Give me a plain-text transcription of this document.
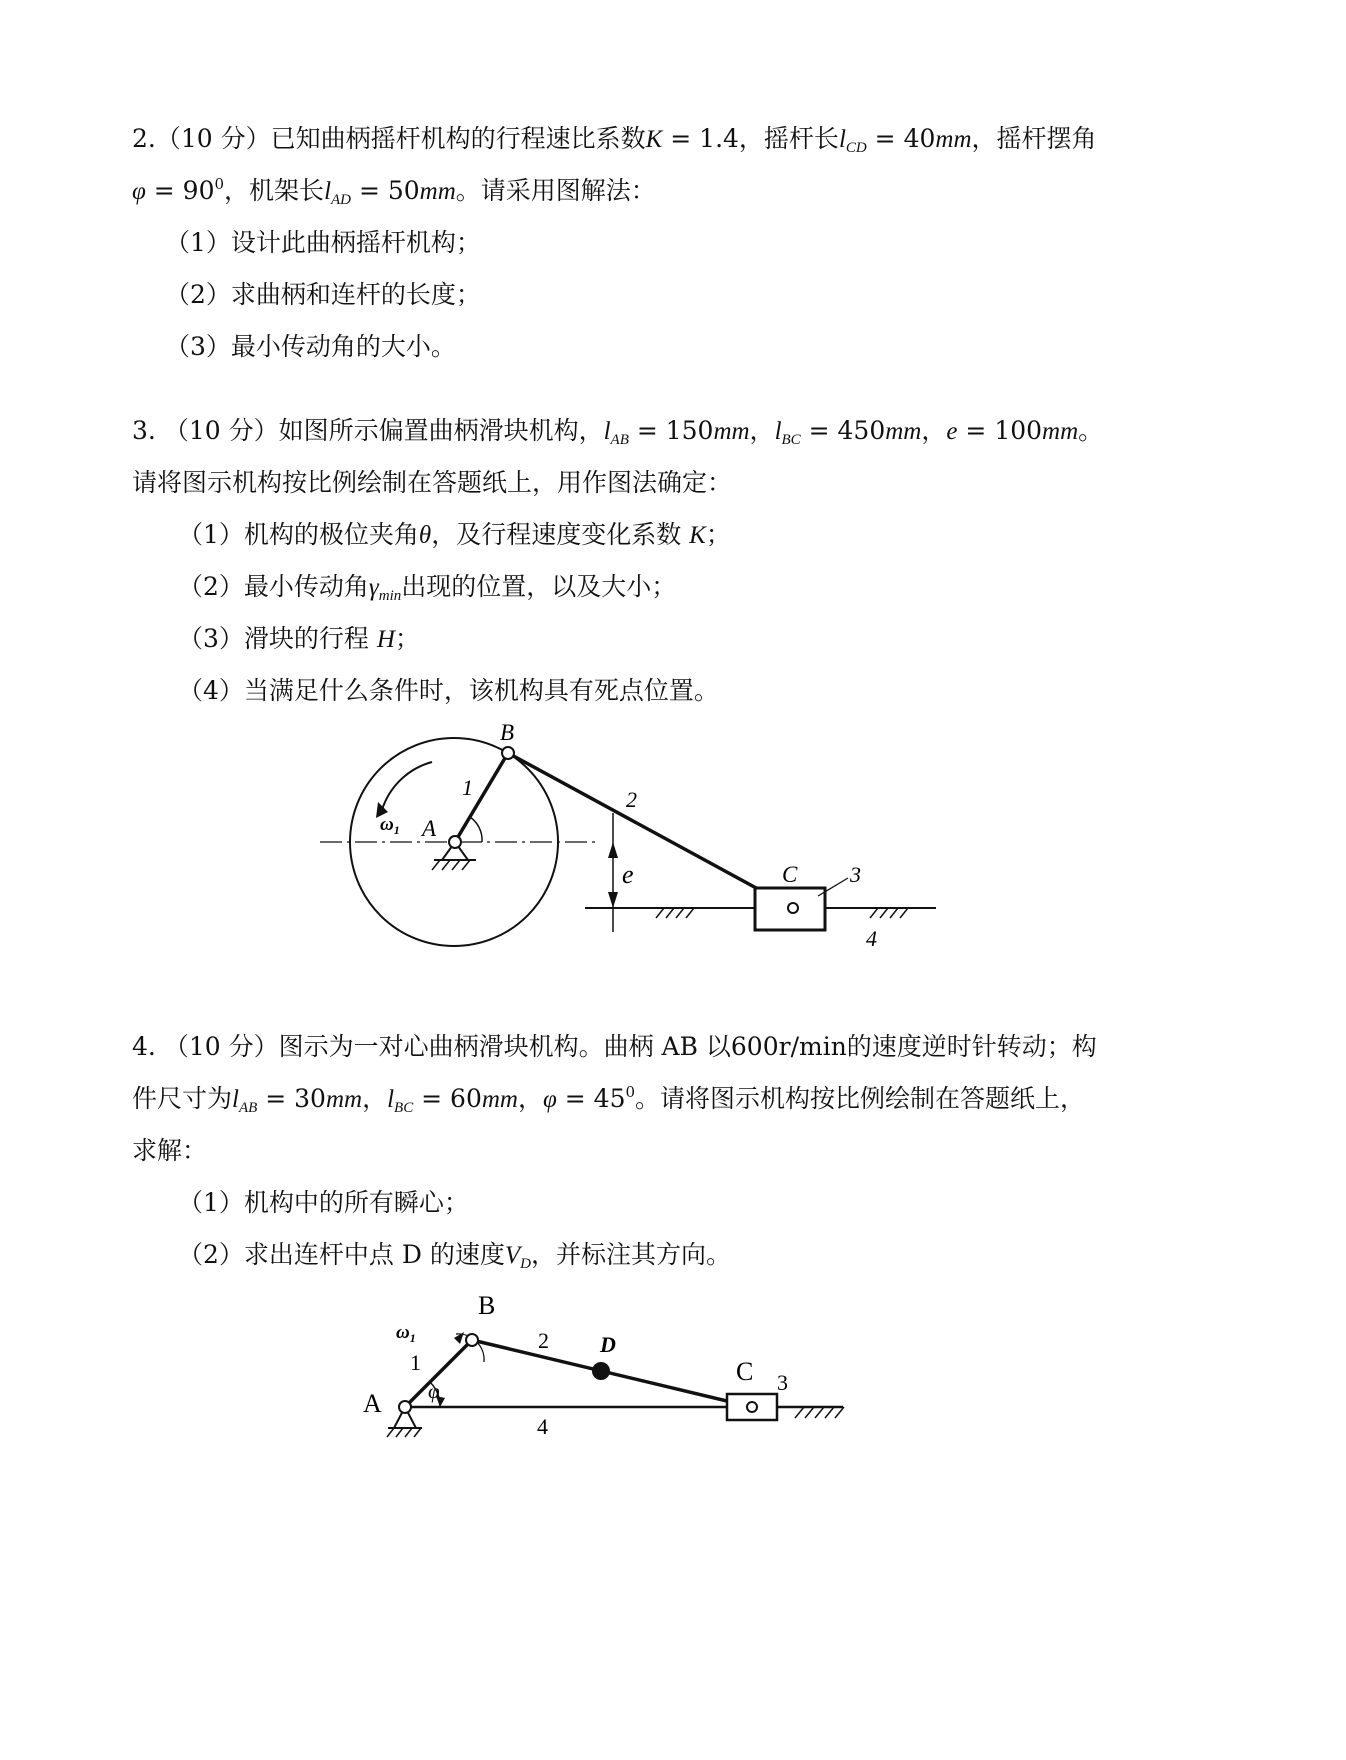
2.（10 分）已知曲柄摇杆机构的行程速比系数K = 1.4，摇杆长$l_{CD} = 40mm$，摇杆摆角
$\varphi = 90^0$，机架长$l_{AD} = 50mm$。请采用图解法：
（1）设计此曲柄摇杆机构；
（2）求曲柄和连杆的长度；
（3）最小传动角的大小。
3. （10 分）如图所示偏置曲柄滑块机构，$l_{AB} = 150mm$，$l_{BC} = 450mm$，e = 100mm。
请将图示机构按比例绘制在答题纸上，用作图法确定：
（1）机构的极位夹角θ，及行程速度变化系数 K；
（2）最小传动角$\gamma_{min}$出现的位置，以及大小；
（3）滑块的行程 H；
（4）当满足什么条件时，该机构具有死点位置。
$\omega_1$
B
A
1	2
e	C 3
4
4. （10 分）图示为一对心曲柄滑块机构。曲柄 AB 以600r/min的速度逆时针转动；构
件尺寸为$l_{AB} = 30mm$，$l_{BC} = 60mm$，$\varphi = 45^0$。请将图示机构按比例绘制在答题纸上，
求解：
（1）机构中的所有瞬心；
（2）求出连杆中点 D 的速度$V_D$，并标注其方向。
φ
$\omega_1$
B
A
C
D
1
2
3
4
